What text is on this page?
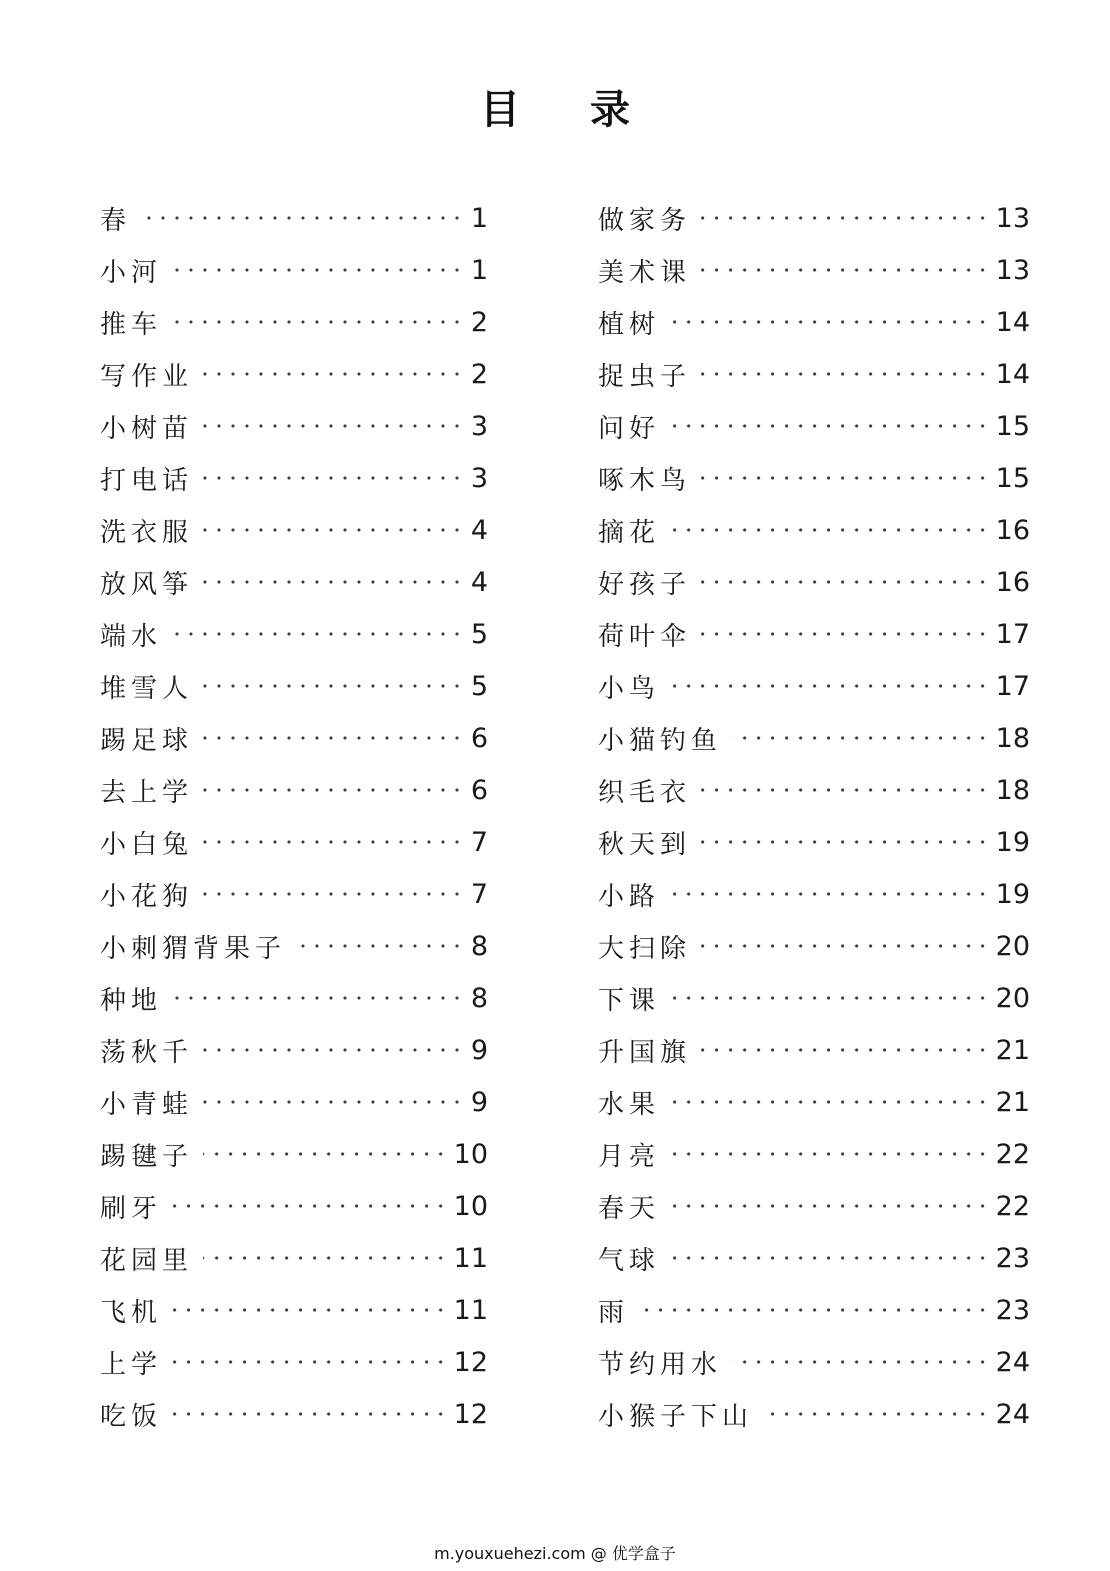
目 录
春	1
小河	1
推车	2
写作业	2
小树苗	3
打电话	3
洗衣服	4
放风筝	4
端水	5
堆雪人	5
踢足球	6
去上学	6
小白兔	7
小花狗	7
小刺猬背果子	8
种地	8
荡秋千	9
小青蛙	9
踢毽子	10
刷牙	10
花园里	11
飞机	11
上学	12
吃饭	12
做家务	13
美术课	13
植树	14
捉虫子	14
问好	15
啄木鸟	15
摘花	16
好孩子	16
荷叶伞	17
小鸟	17
小猫钓鱼	18
织毛衣	18
秋天到	19
小路	19
大扫除	20
下课	20
升国旗	21
水果	21
月亮	22
春天	22
气球	23
雨	23
节约用水	24
小猴子下山	24
m.youxuehezi.com @ 优学盒子
